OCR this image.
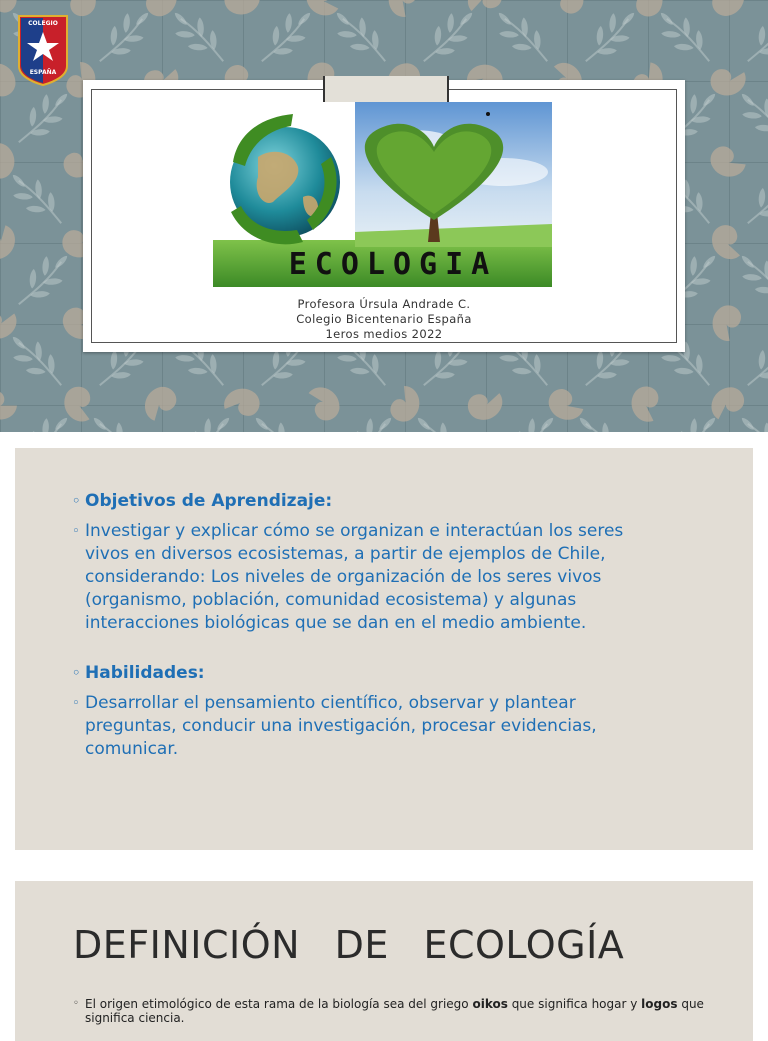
COLEGIO
ESPAÑA
ECOLOGIA
Profesora Úrsula Andrade C.
Colegio Bicentenario España
1eros medios 2022
◦ Objetivos de Aprendizaje:
◦ Investigar y explicar cómo se organizan e interactúan los seres vivos en diversos ecosistemas, a partir de ejemplos de Chile, considerando: Los niveles de organización de los seres vivos (organismo, población, comunidad ecosistema) y algunas interacciones biológicas que se dan en el medio ambiente.
◦ Habilidades:
◦ Desarrollar el pensamiento científico, observar y plantear preguntas, conducir una investigación, procesar evidencias, comunicar.
DEFINICIÓN DE ECOLOGÍA
◦ El origen etimológico de esta rama de la biología sea del griego oikos que significa hogar y logos que significa ciencia.
